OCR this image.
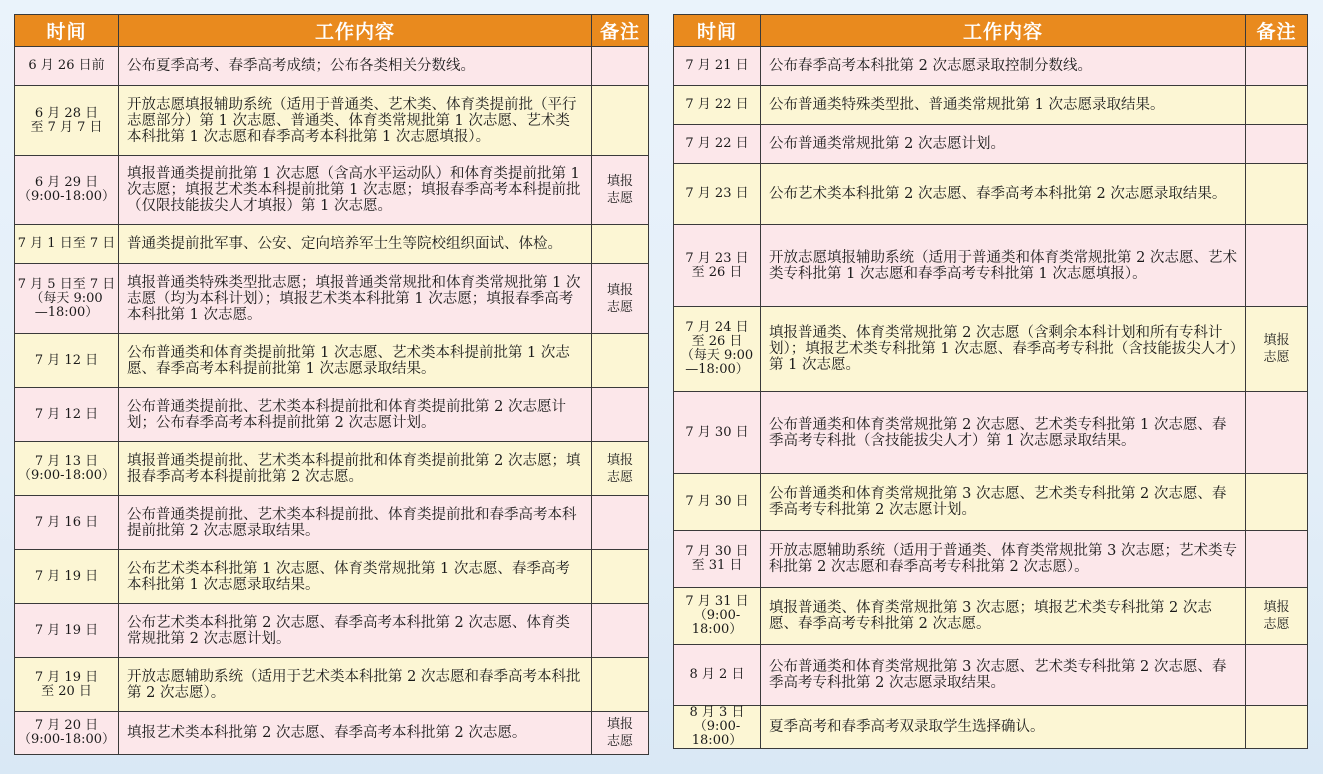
时间	工作内容	备注

6 月 26 日前	公布夏季高考、春季高考成绩；公布各类相关分数线。	

6 月 28 日
至 7 月 7 日	开放志愿填报辅助系统（适用于普通类、艺术类、体育类提前批（平行志愿部分）第 1 次志愿、普通类、体育类常规批第 1 次志愿、艺术类本科批第 1 次志愿和春季高考本科批第 1 次志愿填报）。	

6 月 29 日
（9:00-18:00）	填报普通类提前批第 1 次志愿（含高水平运动队）和体育类提前批第 1 次志愿；填报艺术类本科提前批第 1 次志愿；填报春季高考本科提前批（仅限技能拔尖人才填报）第 1 次志愿。	填报
志愿

7 月 1 日至 7 日	普通类提前批军事、公安、定向培养军士生等院校组织面试、体检。	

7 月 5 日至 7 日
（每天 9:00
—18:00）	填报普通类特殊类型批志愿；填报普通类常规批和体育类常规批第 1 次志愿（均为本科计划）；填报艺术类本科批第 1 次志愿；填报春季高考本科批第 1 次志愿。	填报
志愿

7 月 12 日	公布普通类和体育类提前批第 1 次志愿、艺术类本科提前批第 1 次志愿、春季高考本科提前批第 1 次志愿录取结果。	

7 月 12 日	公布普通类提前批、艺术类本科提前批和体育类提前批第 2 次志愿计划；公布春季高考本科提前批第 2 次志愿计划。	

7 月 13 日
（9:00-18:00）	填报普通类提前批、艺术类本科提前批和体育类提前批第 2 次志愿；填报春季高考本科提前批第 2 次志愿。	填报
志愿

7 月 16 日	公布普通类提前批、艺术类本科提前批、体育类提前批和春季高考本科提前批第 2 次志愿录取结果。	

7 月 19 日	公布艺术类本科批第 1 次志愿、体育类常规批第 1 次志愿、春季高考本科批第 1 次志愿录取结果。	

7 月 19 日	公布艺术类本科批第 2 次志愿、春季高考本科批第 2 次志愿、体育类常规批第 2 次志愿计划。	

7 月 19 日
至 20 日	开放志愿辅助系统（适用于艺术类本科批第 2 次志愿和春季高考本科批第 2 次志愿）。	

7 月 20 日
（9:00-18:00）	填报艺术类本科批第 2 次志愿、春季高考本科批第 2 次志愿。	填报
志愿
时间	工作内容	备注

7 月 21 日	公布春季高考本科批第 2 次志愿录取控制分数线。	

7 月 22 日	公布普通类特殊类型批、普通类常规批第 1 次志愿录取结果。	

7 月 22 日	公布普通类常规批第 2 次志愿计划。	

7 月 23 日	公布艺术类本科批第 2 次志愿、春季高考本科批第 2 次志愿录取结果。	

7 月 23 日
至 26 日	开放志愿填报辅助系统（适用于普通类和体育类常规批第 2 次志愿、艺术类专科批第 1 次志愿和春季高考专科批第 1 次志愿填报）。	

7 月 24 日
至 26 日
（每天 9:00
—18:00）	填报普通类、体育类常规批第 2 次志愿（含剩余本科计划和所有专科计划）；填报艺术类专科批第 1 次志愿、春季高考专科批（含技能拔尖人才）第 1 次志愿。	填报
志愿

7 月 30 日	公布普通类和体育类常规批第 2 次志愿、艺术类专科批第 1 次志愿、春季高考专科批（含技能拔尖人才）第 1 次志愿录取结果。	

7 月 30 日	公布普通类和体育类常规批第 3 次志愿、艺术类专科批第 2 次志愿、春季高考专科批第 2 次志愿计划。	

7 月 30 日
至 31 日	开放志愿辅助系统（适用于普通类、体育类常规批第 3 次志愿；艺术类专科批第 2 次志愿和春季高考专科批第 2 次志愿）。	

7 月 31 日
（9:00-18:00）	填报普通类、体育类常规批第 3 次志愿；填报艺术类专科批第 2 次志愿、春季高考专科批第 2 次志愿。	填报
志愿

8 月 2 日	公布普通类和体育类常规批第 3 次志愿、艺术类专科批第 2 次志愿、春季高考专科批第 2 次志愿录取结果。	

8 月 3 日
（9:00-18:00）	夏季高考和春季高考双录取学生选择确认。	
